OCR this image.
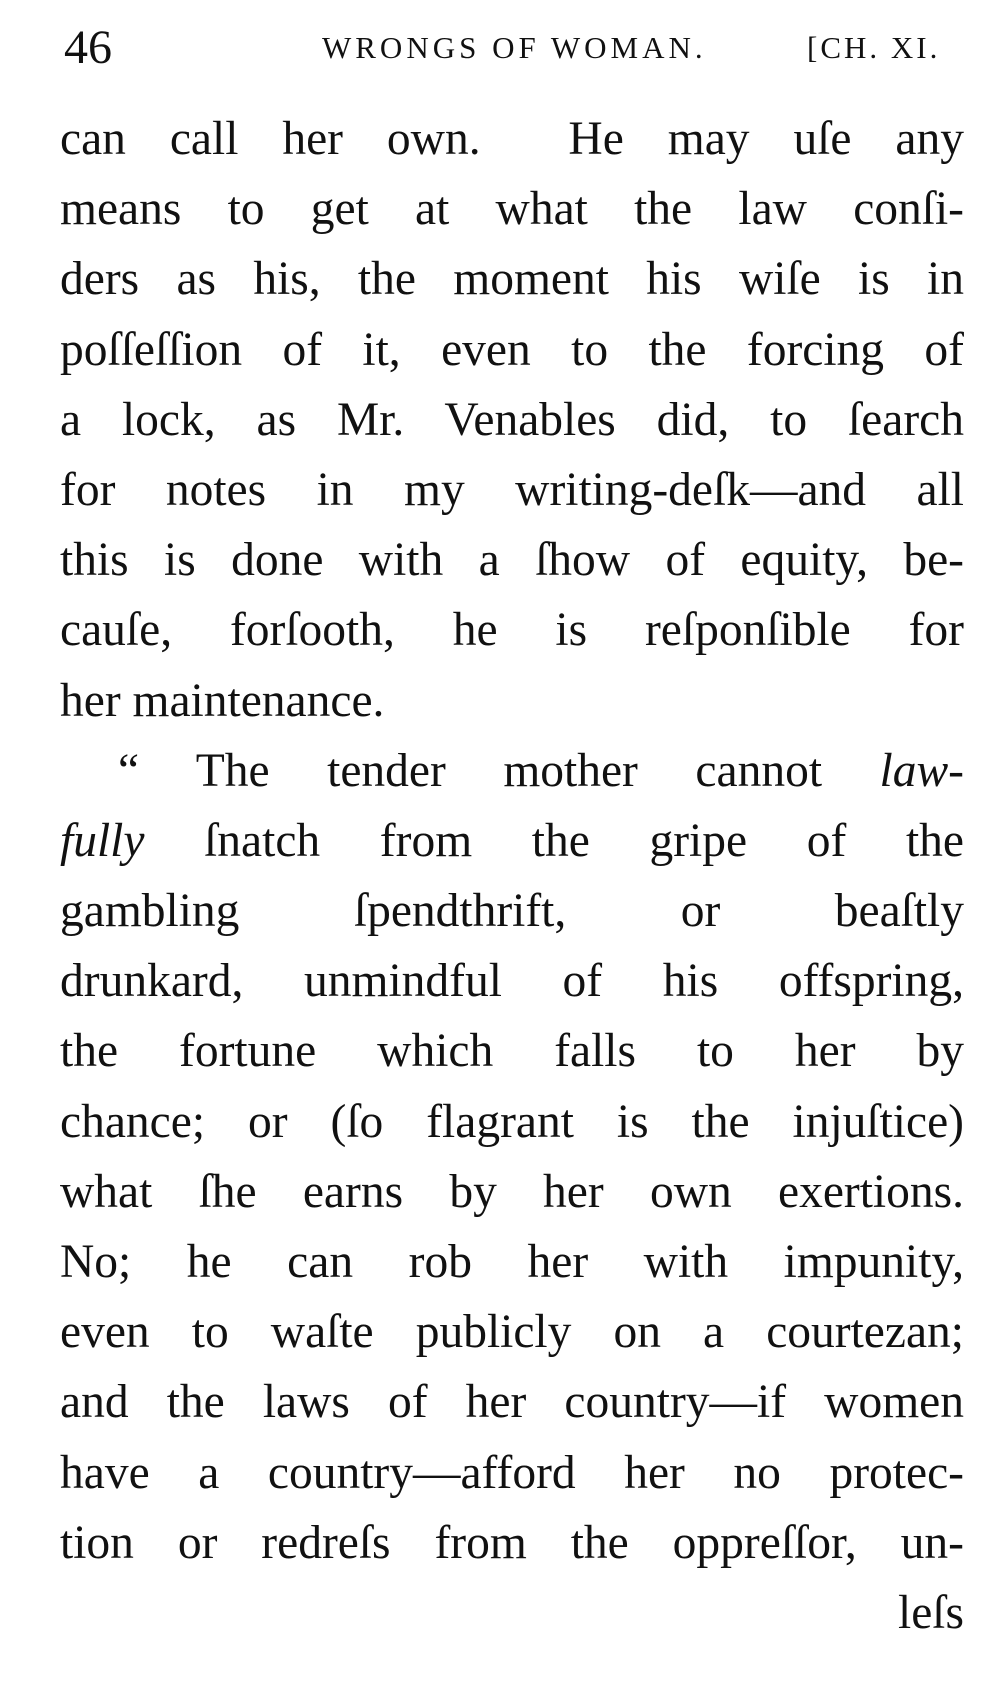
46	WRONGS OF WOMAN.	[CH. XI.
can call her own.  He may uſe any
means to get at what the law conſi-
ders as his, the moment his wiſe is in
poſſeſſion of it, even to the forcing of
a lock, as Mr. Venables did, to ſearch
for notes in my writing-deſk—and all
this is done with a ſhow of equity, be-
cauſe, forſooth, he is reſponſible for
her maintenance.
“ The tender mother cannot law-
fully ſnatch from the gripe of the
gambling ſpendthrift, or beaſtly
drunkard, unmindful of his offspring,
the fortune which falls to her by
chance; or (ſo flagrant is the injuſtice)
what ſhe earns by her own exertions.
No; he can rob her with impunity,
even to waſte publicly on a courtezan;
and the laws of her country—if women
have a country—afford her no protec-
tion or redreſs from the oppreſſor, un-
leſs
